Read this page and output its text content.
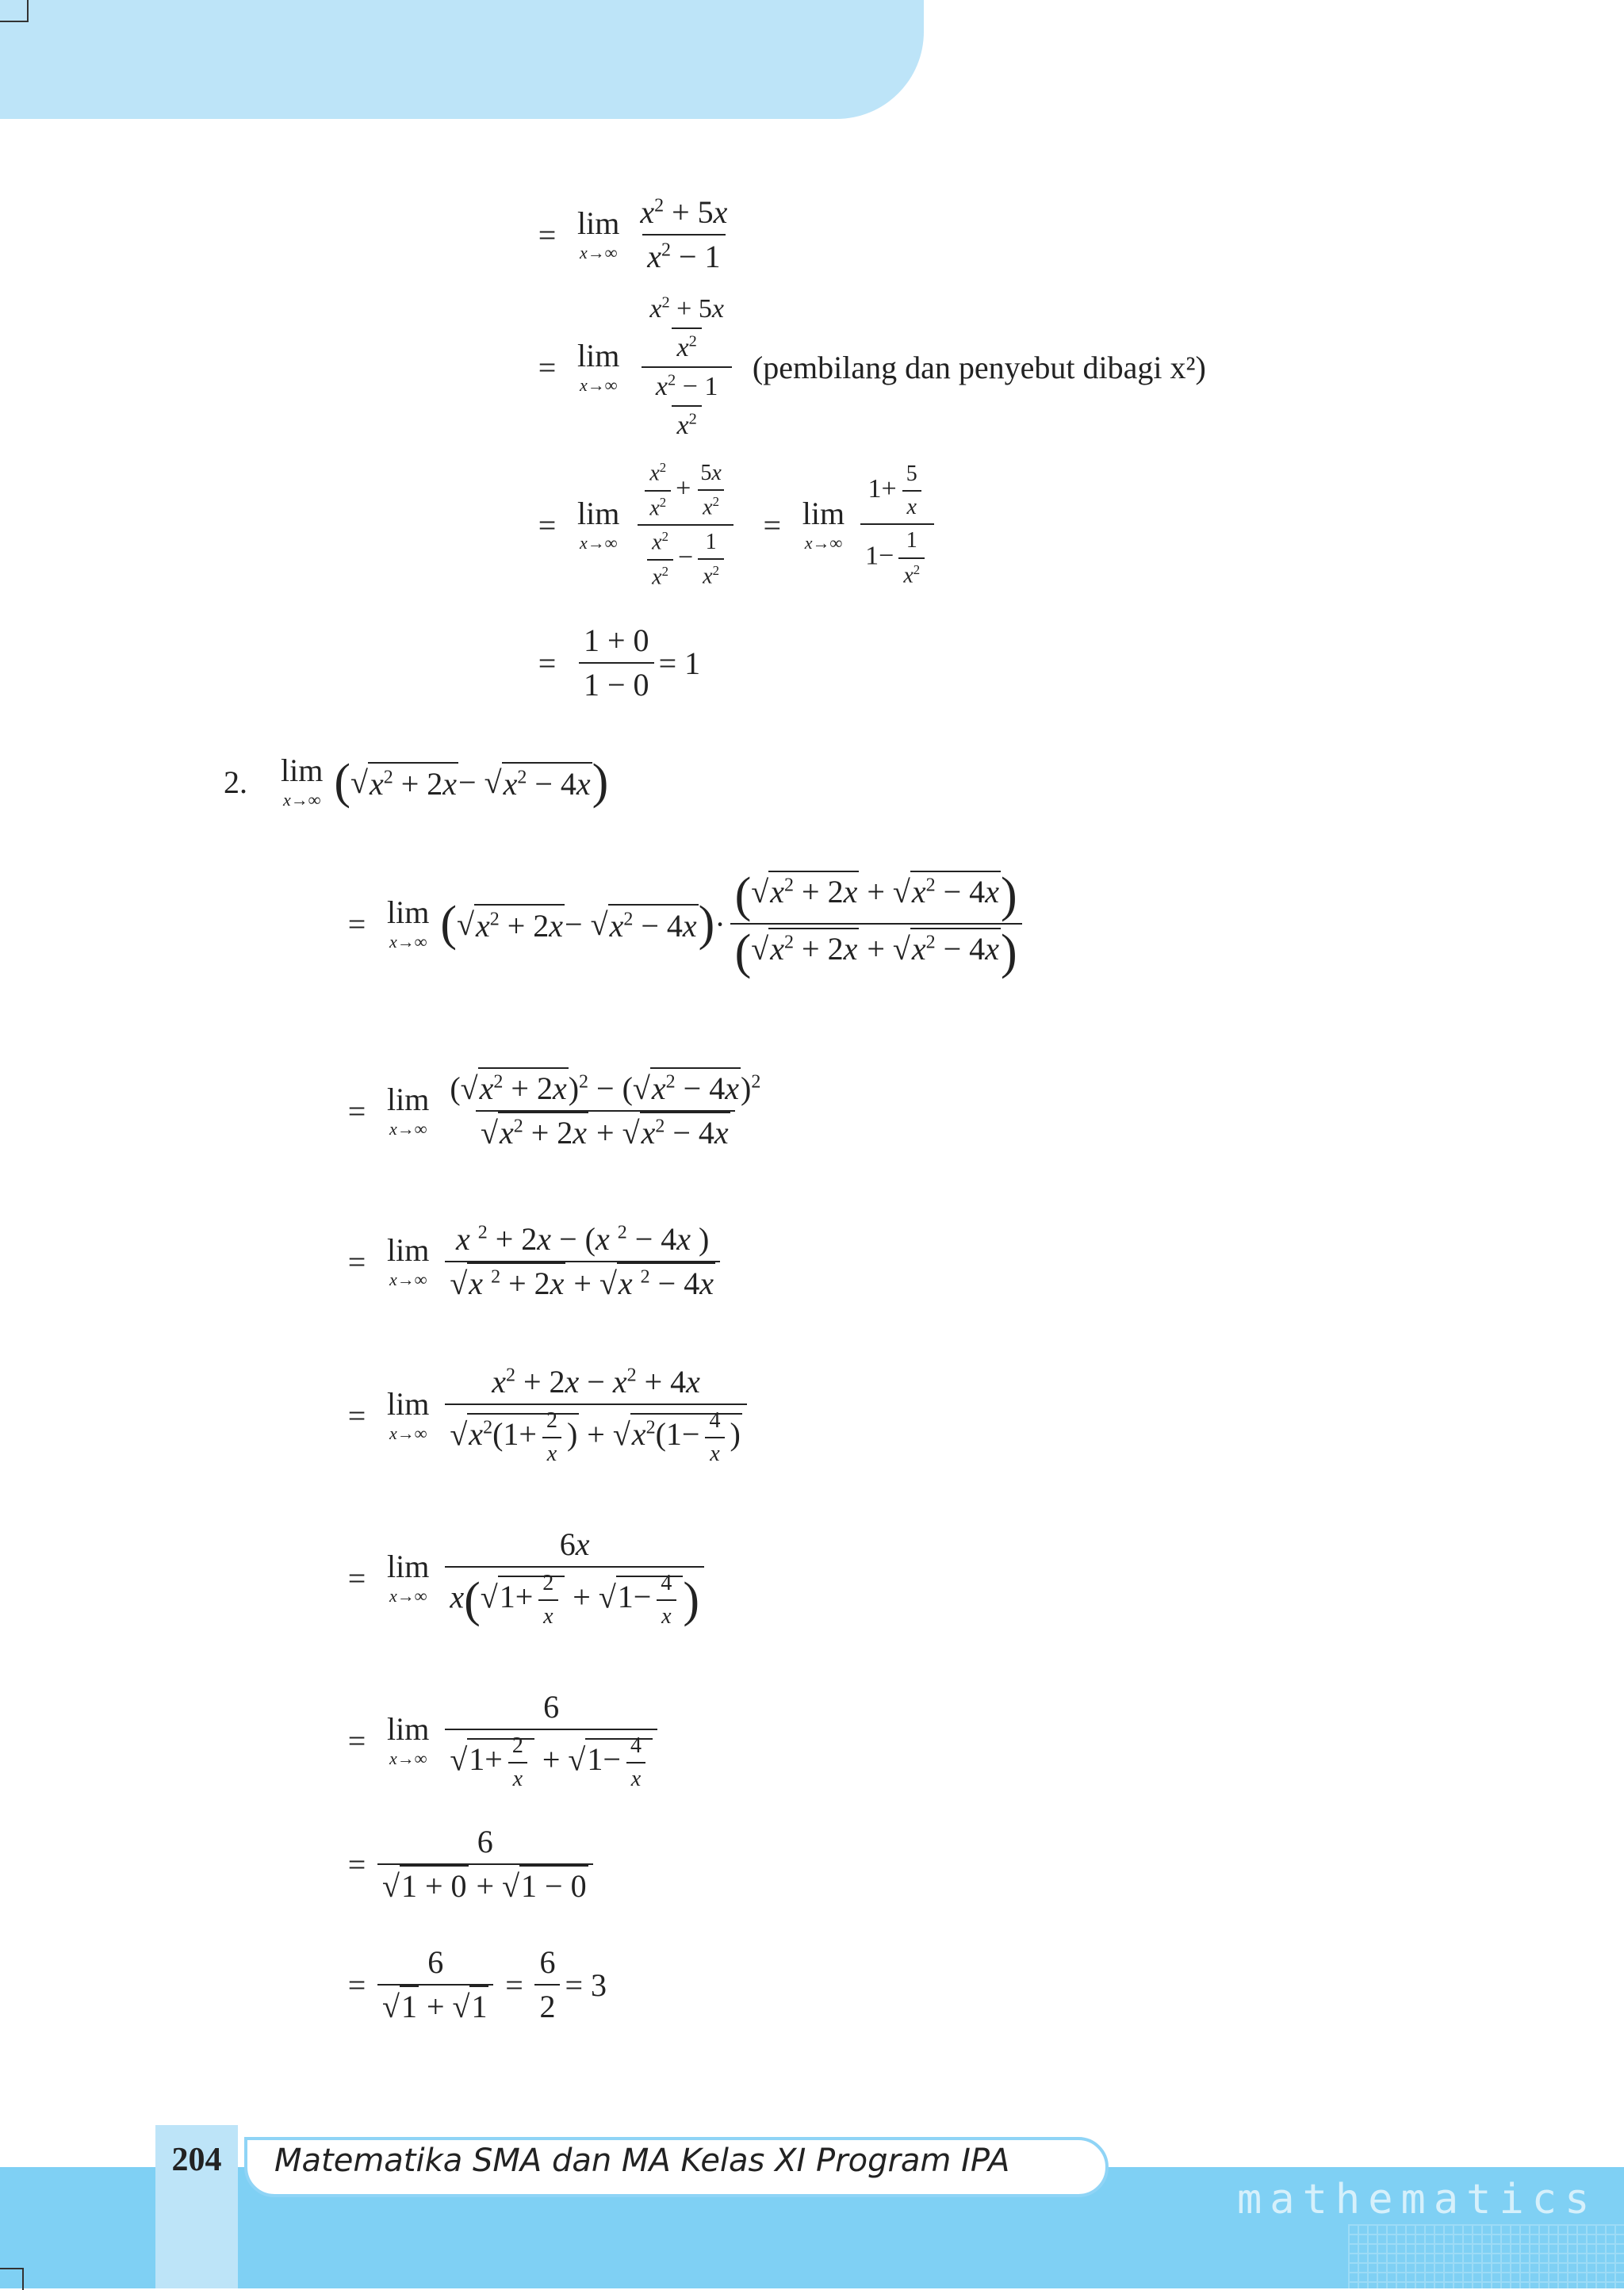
= lim
$x\to\infty \frac{x^2 + 5x}{x^2 - 1}$
= lim
$x\to\infty \frac{\frac{x^2 + 5x}{x^2}}{\frac{x^2 - 1}{x^2}}$ (pembilang dan penyebut dibagi x²)
= lim
$x\to\infty \frac{\frac{x^2}{x^2} + \frac{5x}{x^2}}{\frac{x^2}{x^2} - \frac{1}{x^2}} = \lim$
$x\to\infty \frac{1+ \frac{5}{x}}{1- \frac{1}{x^2}}$
= $\frac{1 + 0}{1 - 0} = 1$
2. lim
x→∞ ( √ $x^2 + 2x$ − √ $x^2 - 4x$ )
= lim
x→∞ ( √ $x^2 + 2x$ − √ $x^2 - 4x$ ) · $\frac{(√x^2 + 2x + √x^2 - 4x)}{(√x^2 + 2x + √x^2 - 4x)}$
= lim
$x\to\infty \frac{(√x^2 + 2x)^2 - (√x^2 - 4x)^2}{√x^2 + 2x + √x^2 - 4x}$
= lim
$x\to\infty \frac{x ^2 + 2x - (x ^2 - 4x )}{√x ^2 + 2x + √x ^2 - 4x}$
= lim
$x\to\infty \frac{x^2 + 2x - x^2 + 4x}{√x^2(1+ \frac{2}{x} ) + √x^2(1- \frac{4}{x} )}$
= lim
$x\to\infty \frac{6x}{x(√1+ \frac{2}{x} + √1- \frac{4}{x} )}$
= lim
$x\to\infty \frac{6}{√1+ \frac{2}{x} + √1- \frac{4}{x}}$
= $\frac{6}{√1 + 0 + √1 - 0}$
= $\frac{6}{√1 + √1} = \frac{6}{2} = 3$
mathematics
204	Matematika SMA dan MA Kelas XI Program IPA
